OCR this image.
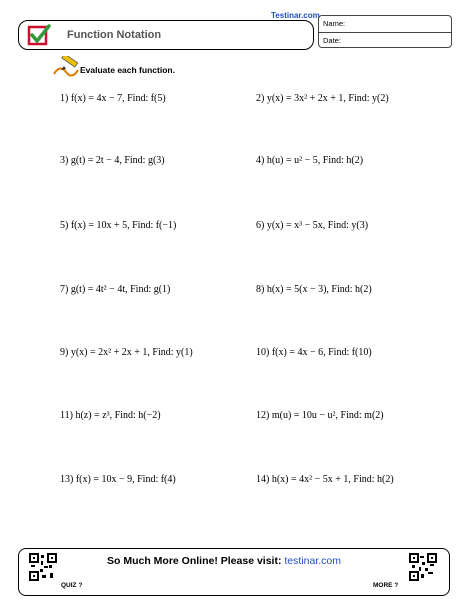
Testinar.com
Function Notation
Name:
Date:
Evaluate each function.
1) f(x) = 4x − 7, Find: f(5)	2) y(x) = 3x² + 2x + 1, Find: y(2)
3) g(t) = 2t − 4, Find: g(3)	4) h(u) = u² − 5, Find: h(2)
5) f(x) = 10x + 5, Find: f(−1)	6) y(x) = x³ − 5x, Find: y(3)
7) g(t) = 4t² − 4t, Find: g(1)	8) h(x) = 5(x − 3), Find: h(2)
9) y(x) = 2x² + 2x + 1, Find: y(1)	10) f(x) = 4x − 6, Find: f(10)
11) h(z) = z³, Find: h(−2)	12) m(u) = 10u − u², Find: m(2)
13) f(x) = 10x − 9, Find: f(4)	14) h(x) = 4x² − 5x + 1, Find: h(2)
So Much More Online! Please visit: testinar.com
QUIZ ?	MORE ?
